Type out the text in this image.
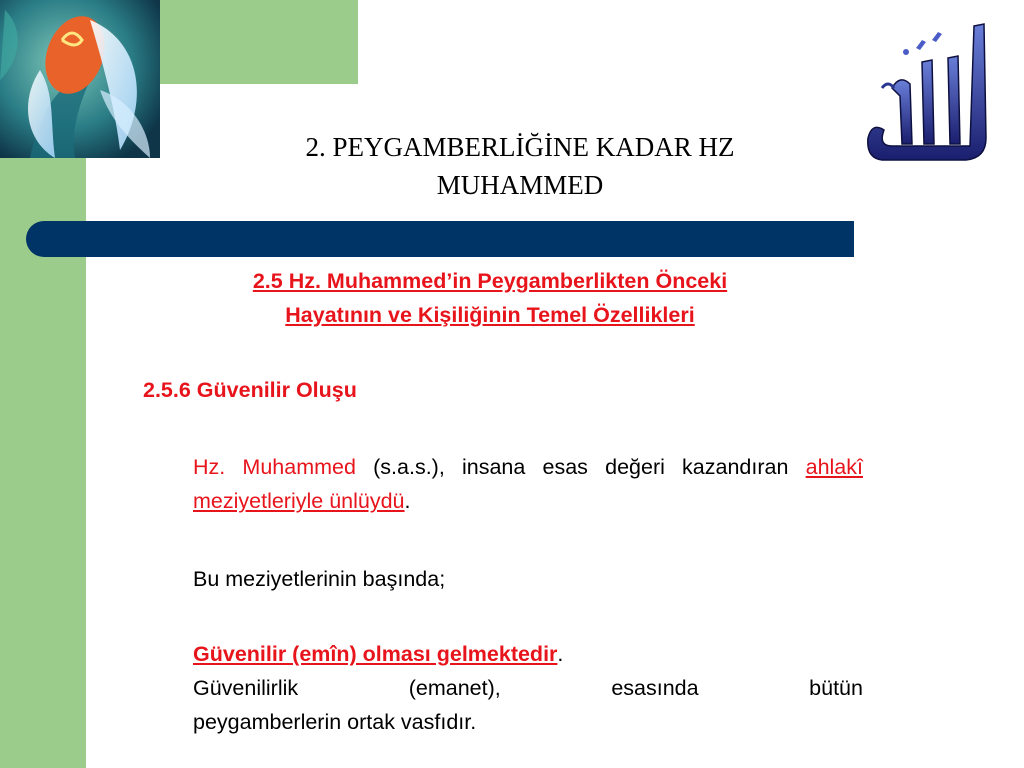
2. PEYGAMBERLİĞİNE KADAR HZ
MUHAMMED
2.5 Hz. Muhammed’in Peygamberlikten Önceki
Hayatının ve Kişiliğinin Temel Özellikleri
2.5.6 Güvenilir Oluşu
Hz. Muhammed (s.a.s.), insana esas değeri kazandıran ahlakî meziyetleriyle ünlüydü.
Bu meziyetlerinin başında;
Güvenilir (emîn) olması gelmektedir.
Güvenilirlik	(emanet),	esasında	bütün
peygamberlerin ortak vasfıdır.
